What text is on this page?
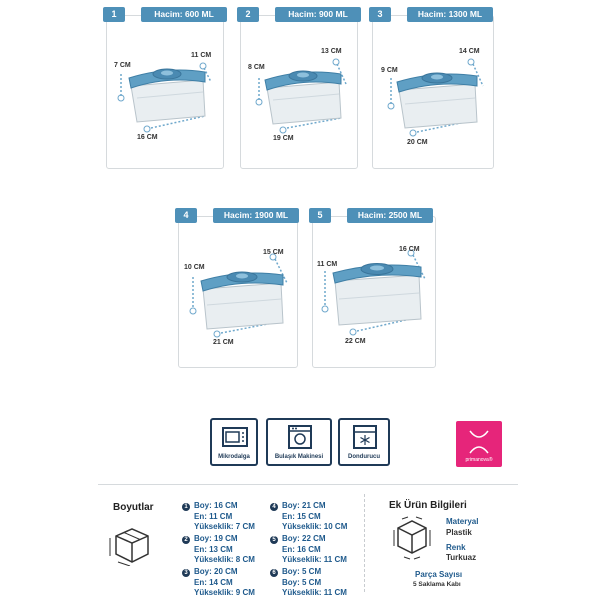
1	Hacim: 600 ML
7 CM
11 CM
16 CM
2	Hacim: 900 ML
8 CM
13 CM
19 CM
3	Hacim: 1300 ML
9 CM
14 CM
20 CM
4	Hacim: 1900 ML
10 CM
15 CM
21 CM
5	Hacim: 2500 ML
11 CM
16 CM
22 CM
Mikrodalga	Bulaşık Makinesi	Dondurucu	primanova®
Boyutlar	1 Boy: 16 CM
En: 11 CM
Yükseklik: 7 CM
2 Boy: 19 CM
En: 13 CM
Yükseklik: 8 CM
3 Boy: 20 CM
En: 14 CM
Yükseklik: 9 CM
4 Boy: 21 CM
En: 15 CM
Yükseklik: 10 CM
5 Boy: 22 CM
En: 16 CM
Yükseklik: 11 CM
6 Boy: 5 CM
Boy: 5 CM
Yükseklik: 11 CM
Ek Ürün Bilgileri
Materyal
Plastik
Renk
Turkuaz
Parça Sayısı
5 Saklama Kabı
